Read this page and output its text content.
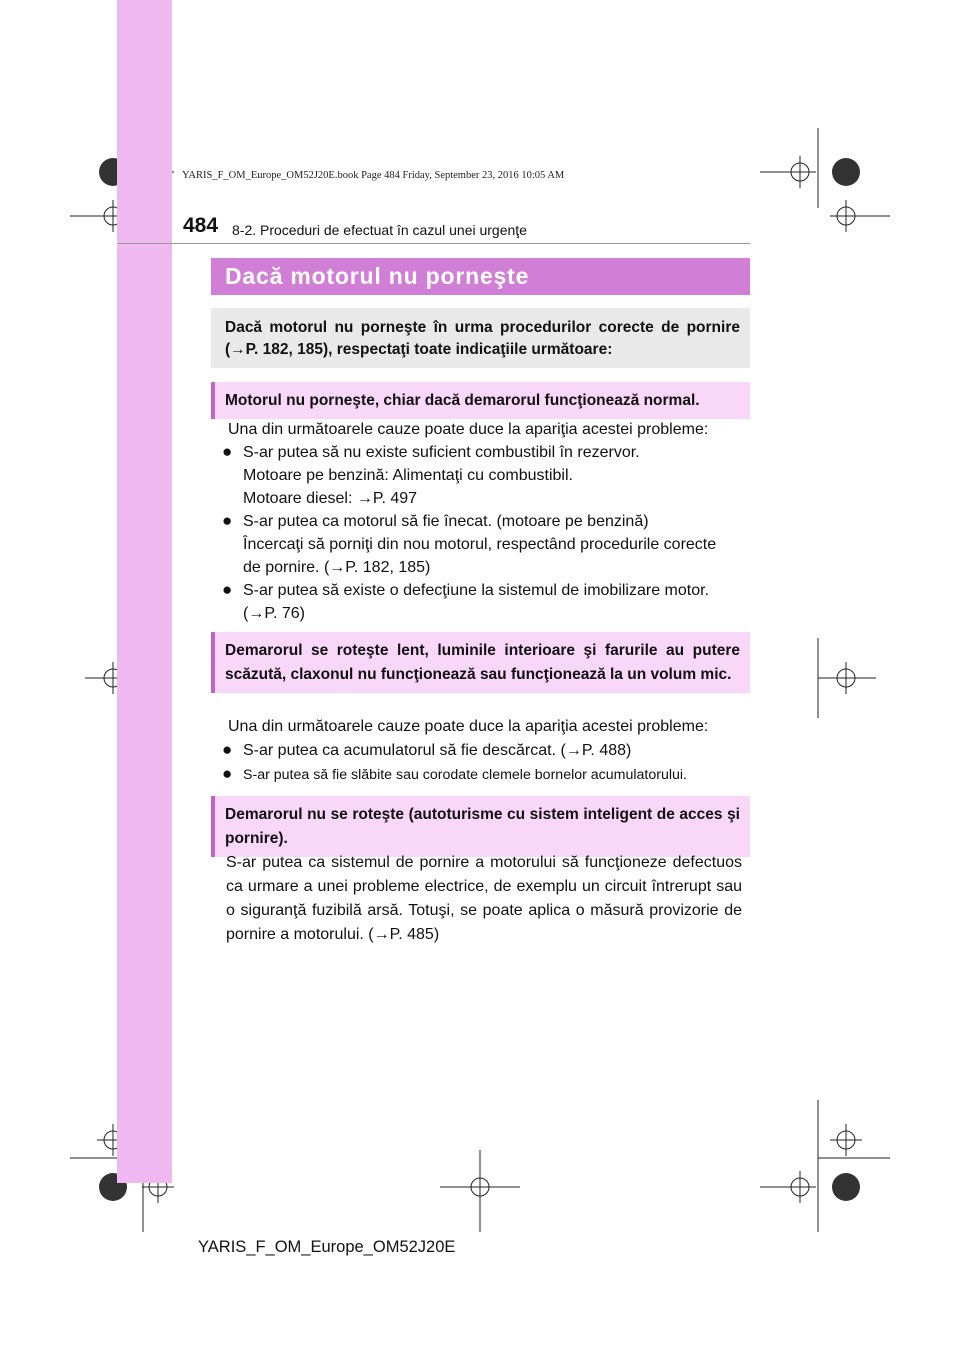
YARIS_F_OM_Europe_OM52J20E.book Page 484 Friday, September 23, 2016 10:05 AM
484 8-2. Proceduri de efectuat în cazul unei urgenţe
Dacă motorul nu porneşte

Dacă motorul nu porneşte în urma procedurilor corecte de pornire (→P. 182, 185), respectaţi toate indicaţiile următoare:

Motorul nu porneşte, chiar dacă demarorul funcţionează normal.

Una din următoarele cauze poate duce la apariţia acestei probleme:
● S-ar putea să nu existe suficient combustibil în rezervor.
Motoare pe benzină: Alimentaţi cu combustibil.
Motoare diesel: →P. 497
● S-ar putea ca motorul să fie înecat. (motoare pe benzină)
Încercaţi să porniţi din nou motorul, respectând procedurile corecte
de pornire. (→P. 182, 185)
● S-ar putea să existe o defecţiune la sistemul de imobilizare motor.
(→P. 76)

Demarorul se roteşte lent, luminile interioare şi farurile au putere scăzută, claxonul nu funcţionează sau funcţionează la un volum mic.

Una din următoarele cauze poate duce la apariţia acestei probleme:
● S-ar putea ca acumulatorul să fie descărcat. (→P. 488)
● S-ar putea să fie slăbite sau corodate clemele bornelor acumulatorului.

Demarorul nu se roteşte (autoturisme cu sistem inteligent de acces şi pornire).

S-ar putea ca sistemul de pornire a motorului să funcţioneze defectuos ca urmare a unei probleme electrice, de exemplu un circuit întrerupt sau o siguranţă fuzibilă arsă. Totuşi, se poate aplica o măsură provizorie de pornire a motorului. (→P. 485)

YARIS_F_OM_Europe_OM52J20E
